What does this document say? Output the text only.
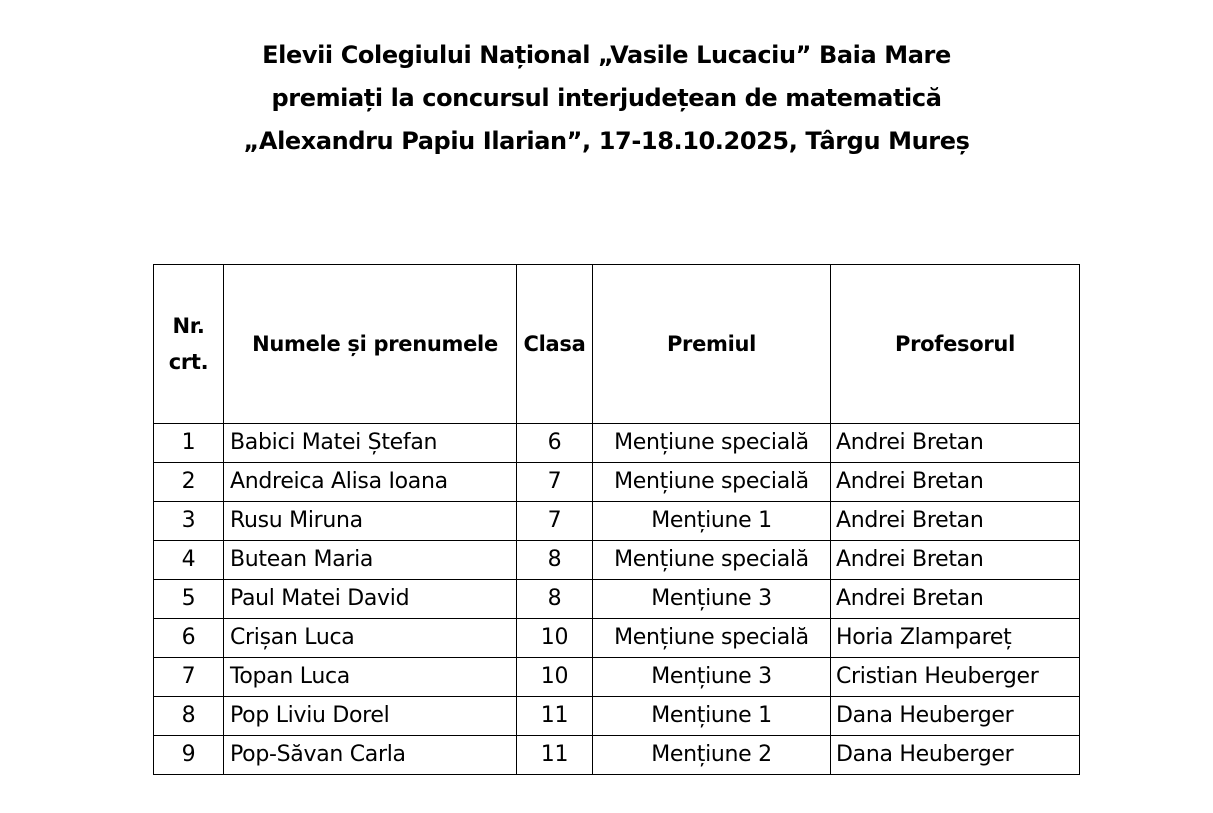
Elevii Colegiului Național „Vasile Lucaciu” Baia Mare
premiați la concursul interjudețean de matematică
„Alexandru Papiu Ilarian”, 17-18.10.2025, Târgu Mureș
Nr. crt.	Numele și prenumele	Clasa	Premiul	Profesorul
1	Babici Matei Ștefan	6	Mențiune specială	Andrei Bretan
2	Andreica Alisa Ioana	7	Mențiune specială	Andrei Bretan
3	Rusu Miruna	7	Mențiune 1	Andrei Bretan
4	Butean Maria	8	Mențiune specială	Andrei Bretan
5	Paul Matei David	8	Mențiune 3	Andrei Bretan
6	Crișan Luca	10	Mențiune specială	Horia Zlampareț
7	Topan Luca	10	Mențiune 3	Cristian Heuberger
8	Pop Liviu Dorel	11	Mențiune 1	Dana Heuberger
9	Pop-Săvan Carla	11	Mențiune 2	Dana Heuberger
